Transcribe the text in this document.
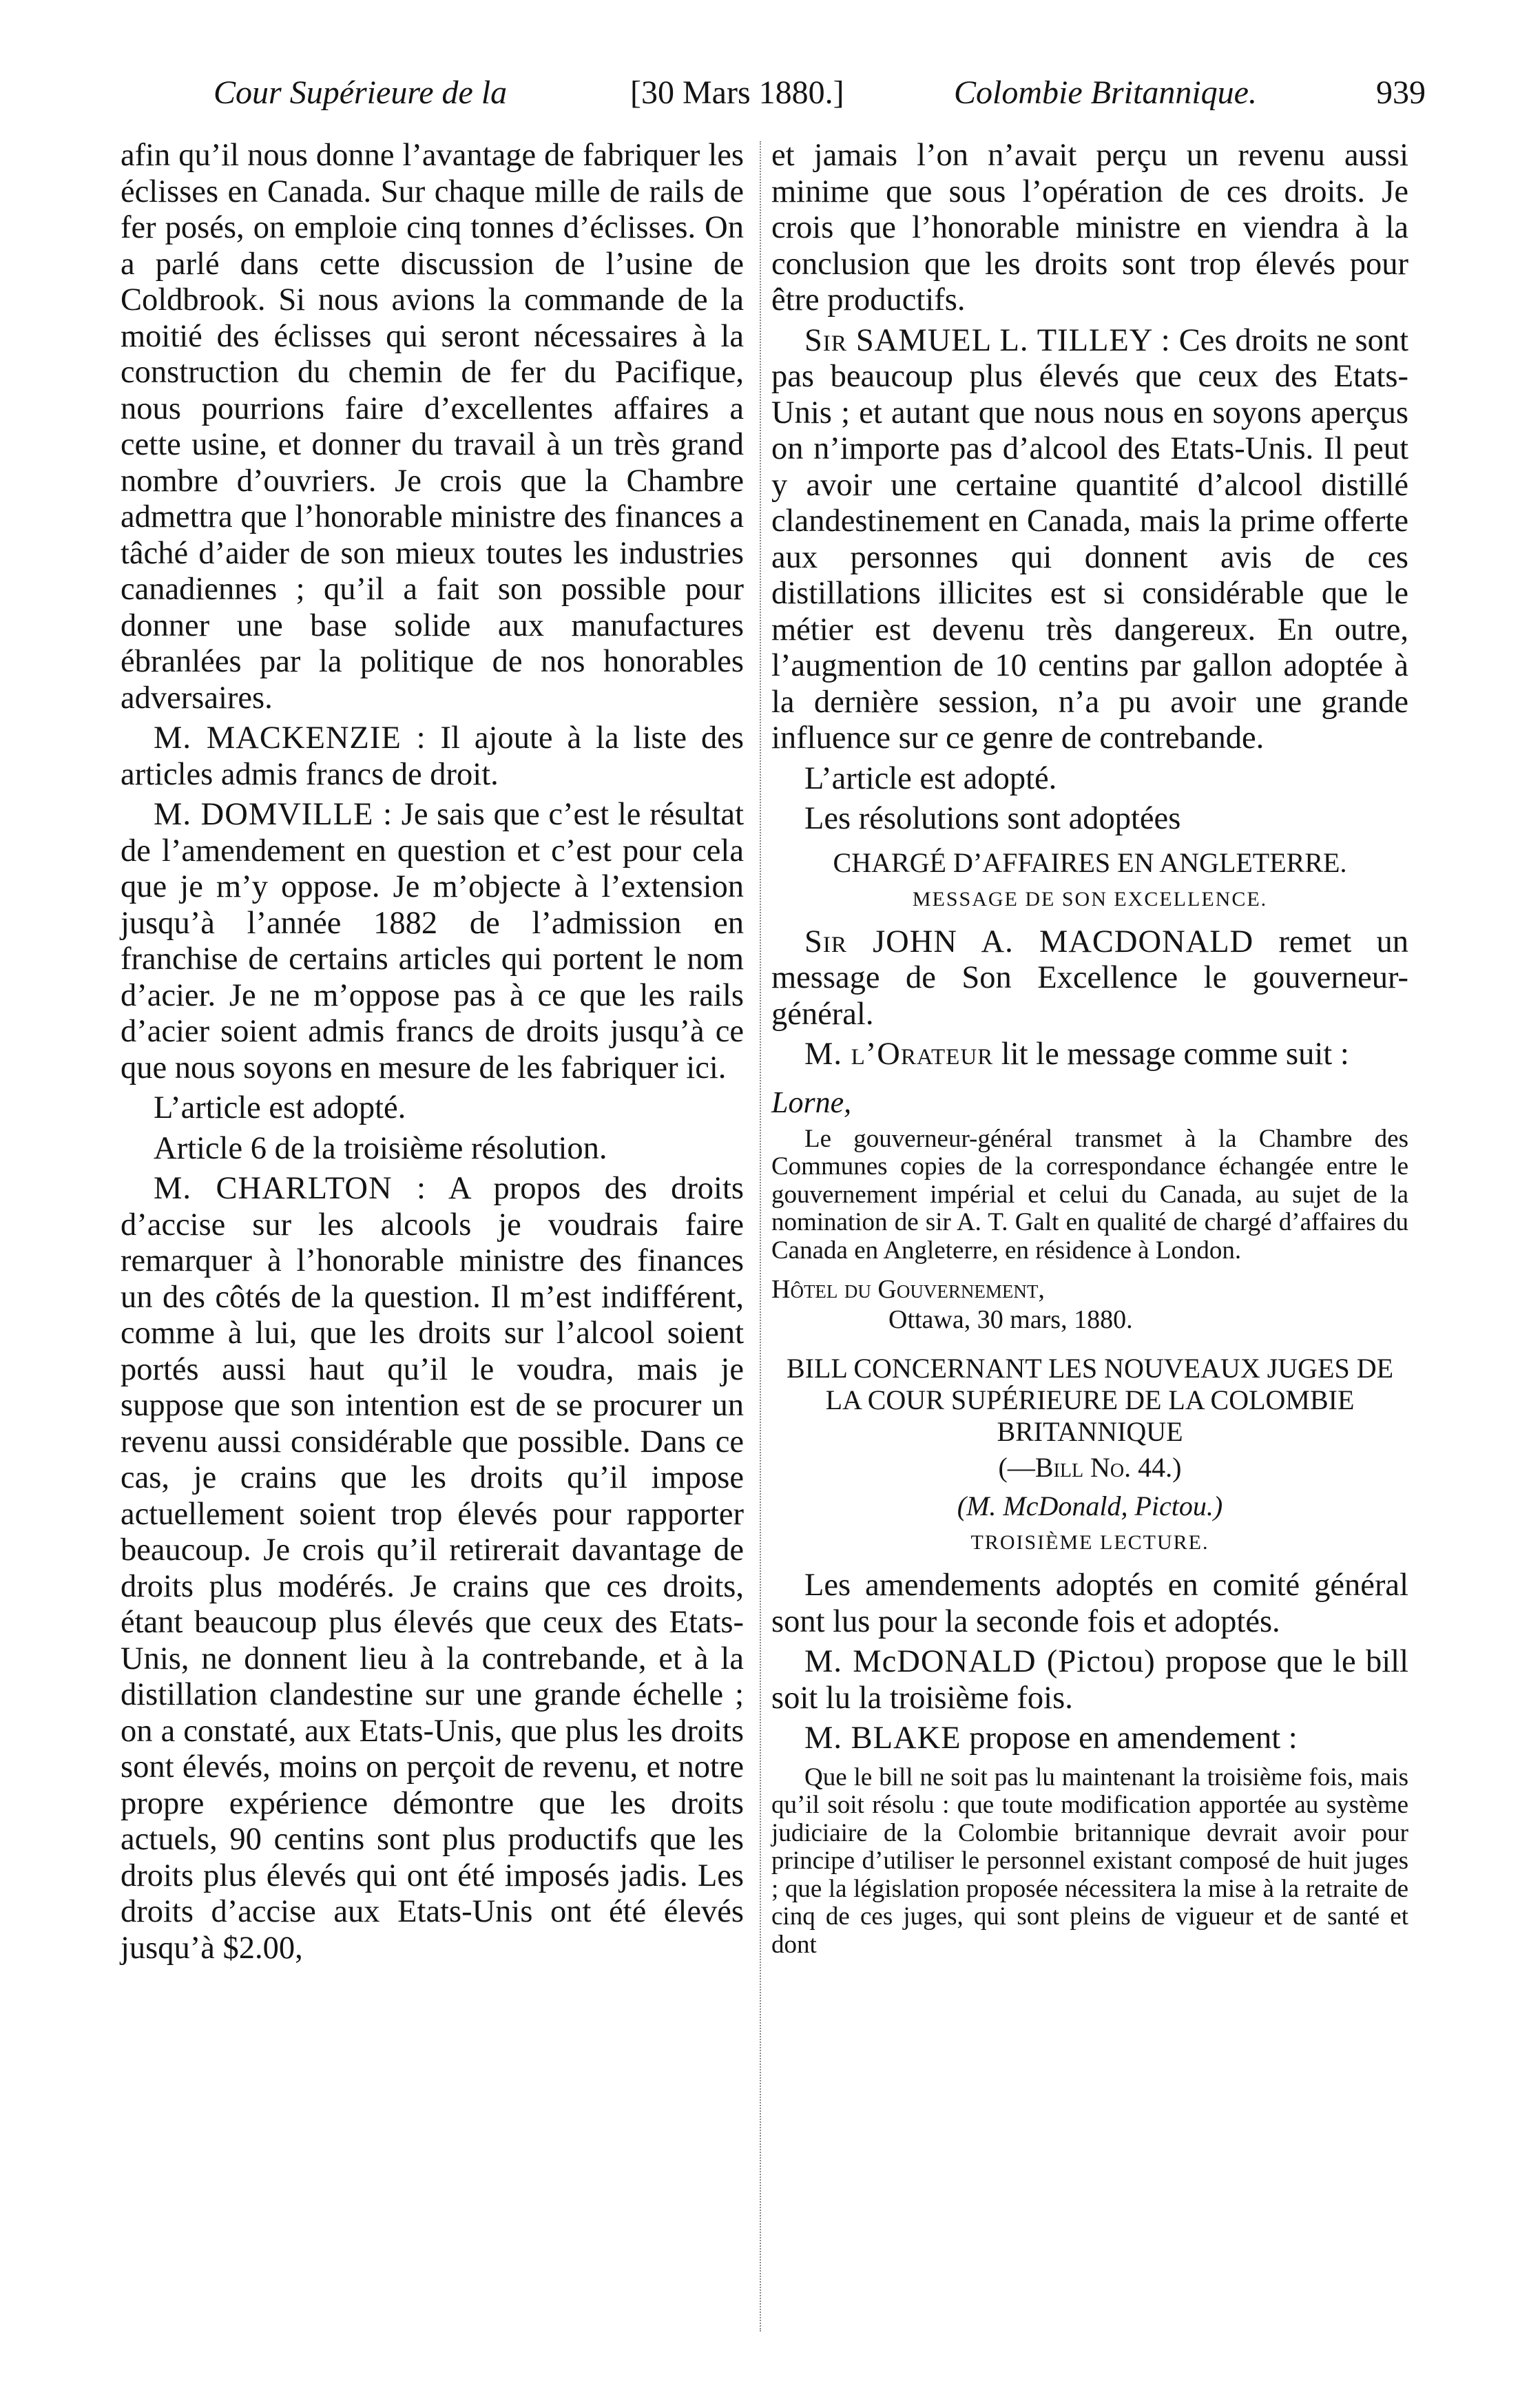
Cour Supérieure de la	[30 Mars 1880.]	Colombie Britannique.	939

afin qu’il nous donne l’avantage de fabriquer les éclisses en Canada. Sur chaque mille de rails de fer posés, on emploie cinq tonnes d’éclisses. On a parlé dans cette discussion de l’usine de Coldbrook. Si nous avions la commande de la moitié des éclisses qui seront nécessaires à la construction du chemin de fer du Pacifique, nous pourrions faire d’excellentes affaires a cette usine, et donner du travail à un très grand nombre d’ouvriers. Je crois que la Chambre admettra que l’honorable ministre des finances a tâché d’aider de son mieux toutes les industries canadiennes ; qu’il a fait son possible pour donner une base solide aux manufactures ébranlées par la politique de nos honorables adversaires.

M. MACKENZIE : Il ajoute à la liste des articles admis francs de droit.

M. DOMVILLE : Je sais que c’est le résultat de l’amendement en question et c’est pour cela que je m’y oppose. Je m’objecte à l’extension jusqu’à l’année 1882 de l’admission en franchise de certains articles qui portent le nom d’acier. Je ne m’oppose pas à ce que les rails d’acier soient admis francs de droits jusqu’à ce que nous soyons en mesure de les fabriquer ici.

L’article est adopté.

Article 6 de la troisième résolution.

M. CHARLTON : A propos des droits d’accise sur les alcools je voudrais faire remarquer à l’honorable ministre des finances un des côtés de la question. Il m’est indifférent, comme à lui, que les droits sur l’alcool soient portés aussi haut qu’il le voudra, mais je suppose que son intention est de se procurer un revenu aussi considérable que possible. Dans ce cas, je crains que les droits qu’il impose actuellement soient trop élevés pour rapporter beaucoup. Je crois qu’il retirerait davantage de droits plus modérés. Je crains que ces droits, étant beaucoup plus élevés que ceux des Etats-Unis, ne donnent lieu à la contrebande, et à la distillation clandestine sur une grande échelle ; on a constaté, aux Etats-Unis, que plus les droits sont élevés, moins on perçoit de revenu, et notre propre expérience démontre que les droits actuels, 90 centins sont plus productifs que les droits plus élevés qui ont été imposés jadis. Les droits d’accise aux Etats-Unis ont été élevés jusqu’à $2.00,

et jamais l’on n’avait perçu un revenu aussi minime que sous l’opération de ces droits. Je crois que l’honorable ministre en viendra à la conclusion que les droits sont trop élevés pour être productifs.

Sir SAMUEL L. TILLEY : Ces droits ne sont pas beaucoup plus élevés que ceux des Etats-Unis ; et autant que nous nous en soyons aperçus on n’importe pas d’alcool des Etats-Unis. Il peut y avoir une certaine quantité d’alcool distillé clandestinement en Canada, mais la prime offerte aux personnes qui donnent avis de ces distillations illicites est si considérable que le métier est devenu très dangereux. En outre, l’augmention de 10 centins par gallon adoptée à la dernière session, n’a pu avoir une grande influence sur ce genre de contrebande.

L’article est adopté.

Les résolutions sont adoptées

CHARGÉ D’AFFAIRES EN ANGLETERRE.
MESSAGE DE SON EXCELLENCE.

Sir JOHN A. MACDONALD remet un message de Son Excellence le gouverneur-général.

M. l’Orateur lit le message comme suit :

Lorne,

Le gouverneur-général transmet à la Chambre des Communes copies de la correspondance échangée entre le gouvernement impérial et celui du Canada, au sujet de la nomination de sir A. T. Galt en qualité de chargé d’affaires du Canada en Angleterre, en résidence à London.

Hôtel du Gouvernement,
Ottawa, 30 mars, 1880.
BILL CONCERNANT LES NOUVEAUX JUGES DE LA COUR SUPÉRIEURE DE LA COLOMBIE BRITANNIQUE
(—Bill No. 44.)
(M. McDonald, Pictou.)
TROISIÈME LECTURE.

Les amendements adoptés en comité général sont lus pour la seconde fois et adoptés.

M. McDONALD (Pictou) propose que le bill soit lu la troisième fois.

M. BLAKE propose en amendement :

Que le bill ne soit pas lu maintenant la troisième fois, mais qu’il soit résolu : que toute modification apportée au système judiciaire de la Colombie britannique devrait avoir pour principe d’utiliser le personnel existant composé de huit juges ; que la législation proposée nécessitera la mise à la retraite de cinq de ces juges, qui sont pleins de vigueur et de santé et dont
